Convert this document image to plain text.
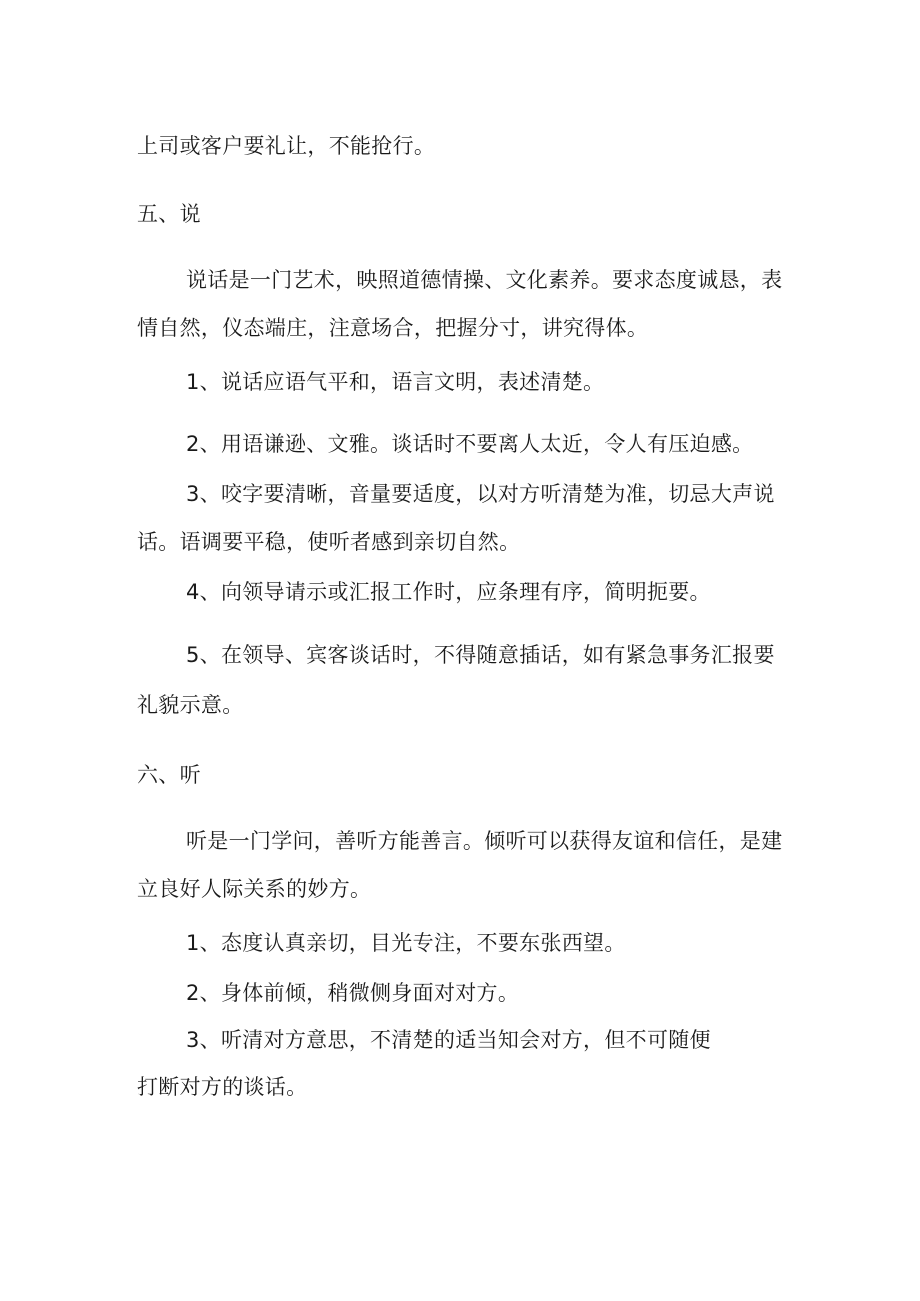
上司或客户要礼让，不能抢行。
五、说
说话是一门艺术，映照道德情操、文化素养。要求态度诚恳，表
情自然，仪态端庄，注意场合，把握分寸，讲究得体。
1、说话应语气平和，语言文明，表述清楚。
2、用语谦逊、文雅。谈话时不要离人太近，令人有压迫感。
3、咬字要清晰，音量要适度，以对方听清楚为准，切忌大声说
话。语调要平稳，使听者感到亲切自然。
4、向领导请示或汇报工作时，应条理有序，简明扼要。
5、在领导、宾客谈话时，不得随意插话，如有紧急事务汇报要
礼貌示意。
六、听
听是一门学问，善听方能善言。倾听可以获得友谊和信任，是建
立良好人际关系的妙方。
1、态度认真亲切，目光专注，不要东张西望。
2、身体前倾，稍微侧身面对对方。
3、听清对方意思，不清楚的适当知会对方，但不可随便
打断对方的谈话。
